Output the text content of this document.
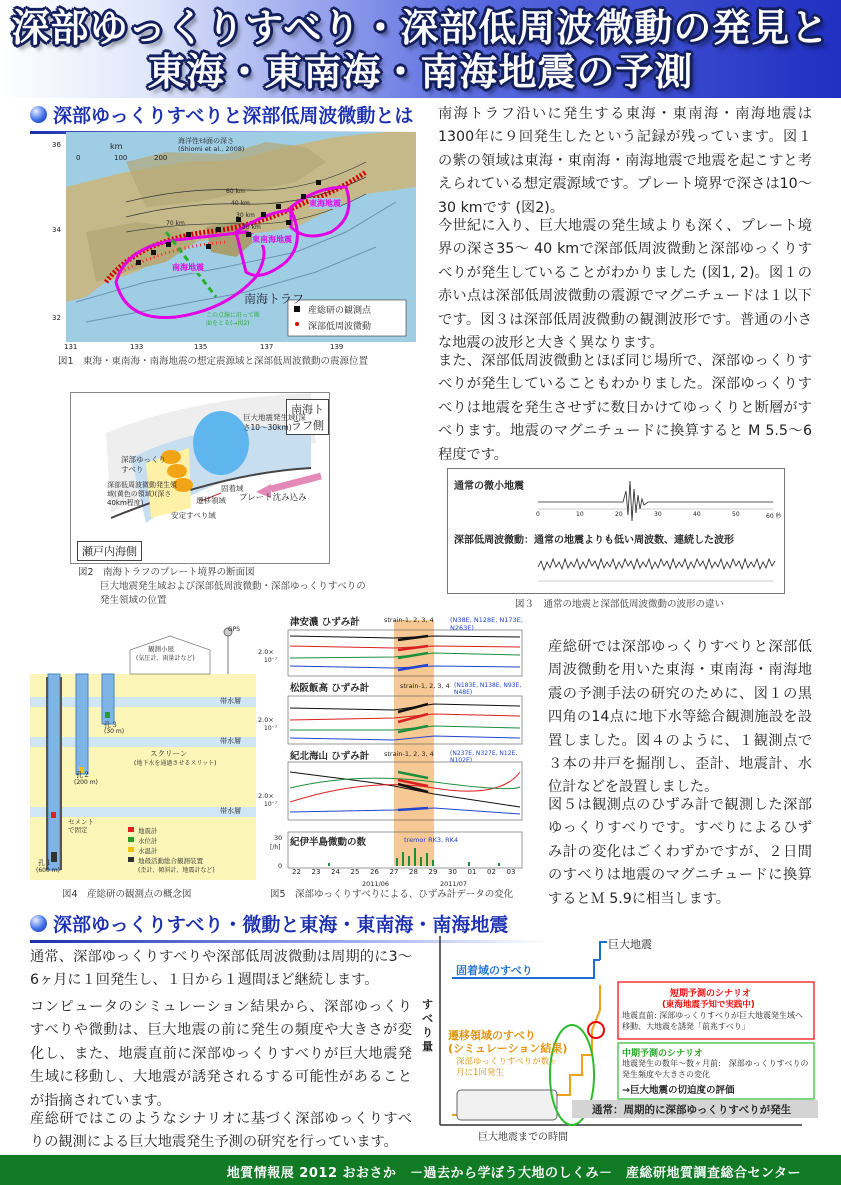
深部ゆっくりすべり・深部低周波微動の発見と
東海・東南海・南海地震の予測
深部ゆっくりすべりと深部低周波微動とは
産総研の観測点
深部低周波微動
南海トラフ
東海地震
東南海地震
南海地震
km
0	100	200
海洋性ﾓﾎ面の深さ
(Shiomi et al., 2008)
70 km
60 km
40 km
30 km
20 km
この点線に沿って断面をとる(→図2)
36
34
32
131	133	135	137	139
図1　東海・東南海・南海地震の想定震源域と深部低周波微動の震源位置
南海トラフ側
瀬戸内海側
巨大地震発生域(深さ10～30km)
深部ゆっくりすべり
深部低周波微動発生領域(黄色の領域)(深さ40km程度)
固着域
遷移領域
安定すべり域
プレート沈み込み
図2　南海トラフのプレート境界の断面図
巨大地震発生域および深部低周波微動・深部ゆっくりすべりの
発生領域の位置
南海トラフ沿いに発生する東海・東南海・南海地震は1300年に９回発生したという記録が残っています。図１の紫の領域は東海・東南海・南海地震で地震を起こすと考えられている想定震源域です。プレート境界で深さは10～30 kmです (図2)。
今世紀に入り、巨大地震の発生域よりも深く、プレート境界の深さ35～ 40 kmで深部低周波微動と深部ゆっくりすべりが発生していることがわかりました (図1, 2)。図１の赤い点は深部低周波微動の震源でマグニチュードは１以下です。図３は深部低周波微動の観測波形です。普通の小さな地震の波形と大きく異なります。
また、深部低周波微動とほぼ同じ場所で、深部ゆっくりすべりが発生していることもわかりました。深部ゆっくりすべりは地震を発生させずに数日かけてゆっくりと断層がすべります。地震のマグニチュードに換算すると M 5.5～6程度です。
通常の微小地震
深部低周波微動：通常の地震よりも低い周波数、連続した波形
0	10	20	30	40	50	60 秒
図３　通常の地震と深部低周波微動の波形の違い
GPS
観測小屋
(気圧計、雨量計など)
帯水層
帯水層
帯水層
スクリーン
(地下水を通過させるスリット)
孔３
(30 m)
孔２
(200 m)
孔１
(600 m)
セメントで固定	地震計
水位計
水温計
地殻活動総合観測装置
(歪計、傾斜計、地震計など)
図4　産総研の観測点の概念図
津安濃 ひずみ計	strain-1, 2, 3, 4 (N38E, N128E, N173E, N263E)
松阪飯高 ひずみ計	strain-1, 2, 3, 4 (N183E, N138E, N93E, N48E)
紀北海山 ひずみ計 strain-1, 2, 3, 4	(N237E, N327E, N12E, N102E)
紀伊半島微動の数	tremor RK3, RK4
2.0×
10⁻⁷
2.0×
10⁻⁷
2.0×
10⁻⁷
30
[/h]
0
22 23 24 25 26 27 28 29 30 01 02 03
2011/06	2011/07
図5　深部ゆっくりすべりによる、ひずみ計データの変化
産総研では深部ゆっくりすべりと深部低周波微動を用いた東海・東南海・南海地震の予測手法の研究のために、図１の黒四角の14点に地下水等総合観測施設を設置しました。図４のように、１観測点で３本の井戸を掘削し、歪計、地震計、水位計などを設置しました。
図５は観測点のひずみ計で観測した深部ゆっくりすべりです。すべりによるひずみ計の変化はごくわずかですが、２日間のすべりは地震のマグニチュードに換算するとＭ 5.9に相当します。
深部ゆっくりすべり・微動と東海・東南海・南海地震
通常、深部ゆっくりすべりや深部低周波微動は周期的に3～6ヶ月に１回発生し、１日から１週間ほど継続します。
コンピュータのシミュレーション結果から、深部ゆっくりすべりや微動は、巨大地震の前に発生の頻度や大きさが変化し、また、地震直前に深部ゆっくりすべりが巨大地震発生域に移動し、大地震が誘発されるする可能性があることが指摘されています。
産総研ではこのようなシナリオに基づく深部ゆっくりすべりの観測による巨大地震発生予測の研究を行っています。
巨大地震
固着域のすべり
すべり量
巨大地震までの時間
遷移領域のすべり
(シミュレーション結果)
深部ゆっくりすべりが数ヶ月に1回発生
短期予測のシナリオ
(東海地震予知で実践中)
地震直前: 深部ゆっくりすべりが巨大地震発生域へ移動、大地震を誘発「前兆すべり」
中期予測のシナリオ
地震発生の数年～数ヶ月前:　深部ゆっくりすべりの発生頻度や大きさの変化
→巨大地震の切迫度の評価
通常：周期的に深部ゆっくりすべりが発生
地質情報展 2012 おおさか　－過去から学ぼう大地のしくみ－　産総研地質調査総合センター
